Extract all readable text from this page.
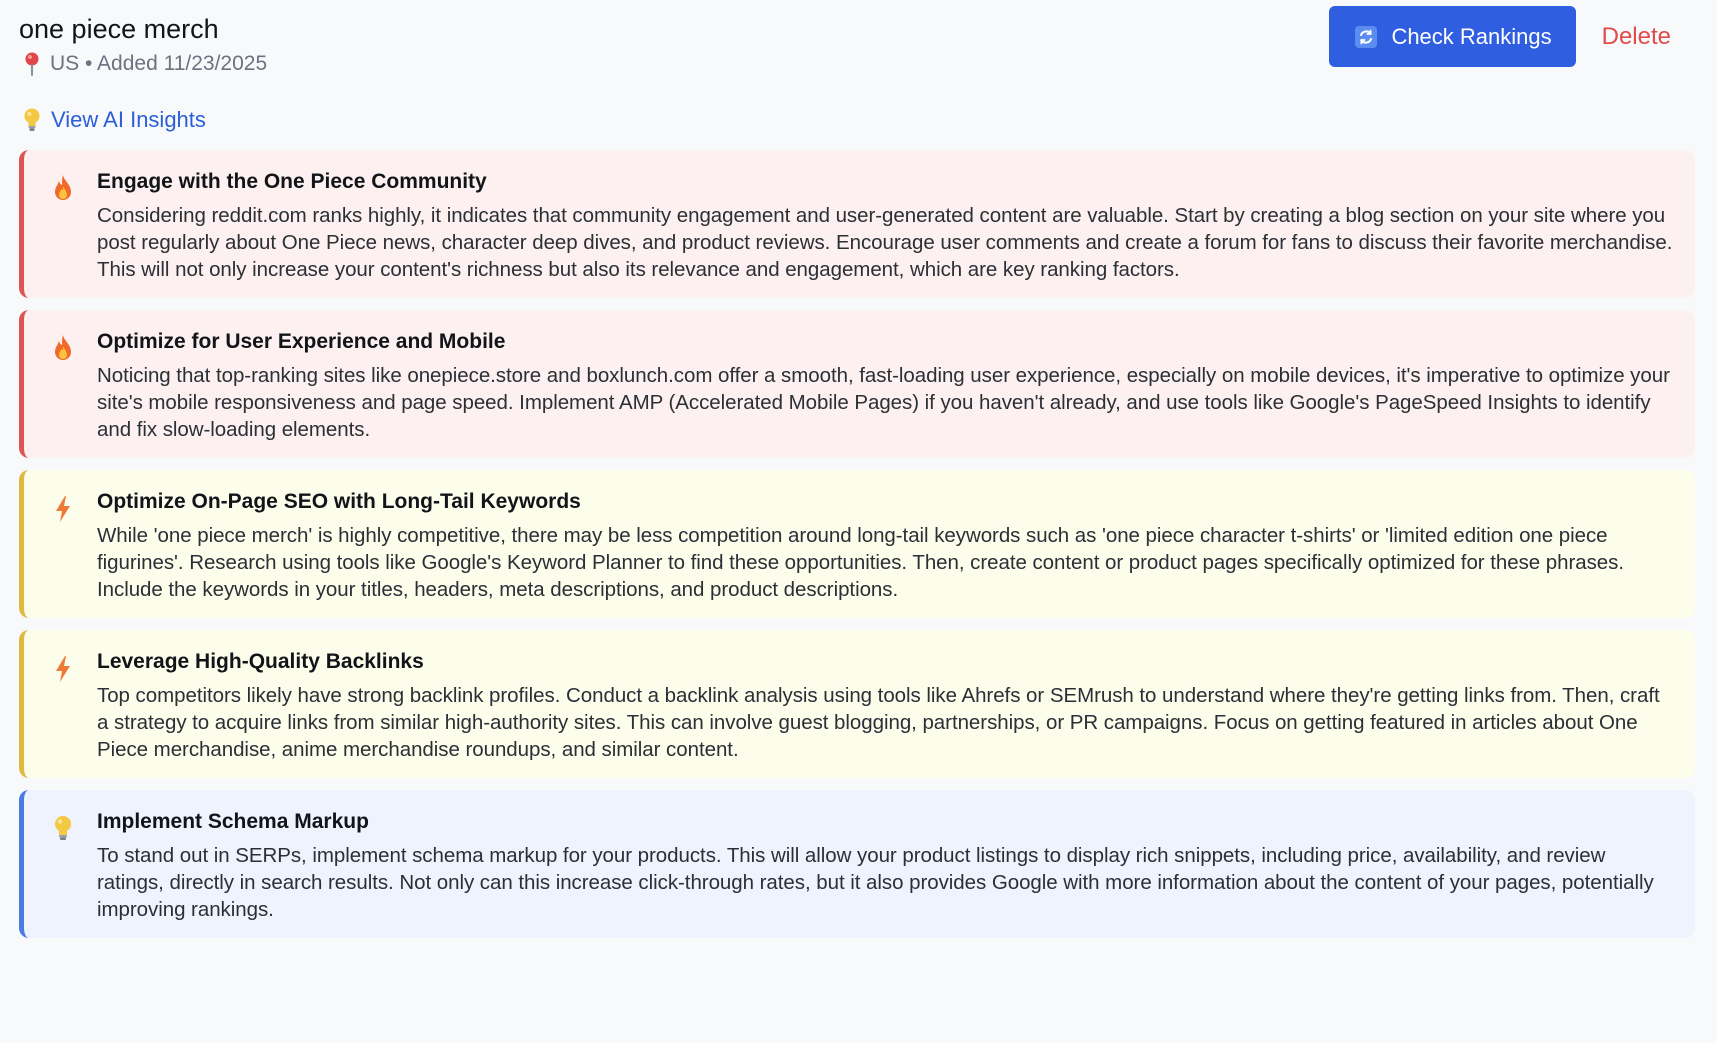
one piece merch
US • Added 11/23/2025
Check Rankings Delete
View AI Insights
Engage with the One Piece Community

Considering reddit.com ranks highly, it indicates that community engagement and user-generated content are valuable. Start by creating a blog section on your site where you post regularly about One Piece news, character deep dives, and product reviews. Encourage user comments and create a forum for fans to discuss their favorite merchandise. This will not only increase your content's richness but also its relevance and engagement, which are key ranking factors.

Optimize for User Experience and Mobile

Noticing that top-ranking sites like onepiece.store and boxlunch.com offer a smooth, fast-loading user experience, especially on mobile devices, it's imperative to optimize your site's mobile responsiveness and page speed. Implement AMP (Accelerated Mobile Pages) if you haven't already, and use tools like Google's PageSpeed Insights to identify and fix slow-loading elements.

Optimize On-Page SEO with Long-Tail Keywords

While 'one piece merch' is highly competitive, there may be less competition around long-tail keywords such as 'one piece character t-shirts' or 'limited edition one piece figurines'. Research using tools like Google's Keyword Planner to find these opportunities. Then, create content or product pages specifically optimized for these phrases. Include the keywords in your titles, headers, meta descriptions, and product descriptions.

Leverage High-Quality Backlinks

Top competitors likely have strong backlink profiles. Conduct a backlink analysis using tools like Ahrefs or SEMrush to understand where they're getting links from. Then, craft a strategy to acquire links from similar high-authority sites. This can involve guest blogging, partnerships, or PR campaigns. Focus on getting featured in articles about One Piece merchandise, anime merchandise roundups, and similar content.

Implement Schema Markup

To stand out in SERPs, implement schema markup for your products. This will allow your product listings to display rich snippets, including price, availability, and review ratings, directly in search results. Not only can this increase click-through rates, but it also provides Google with more information about the content of your pages, potentially improving rankings.
